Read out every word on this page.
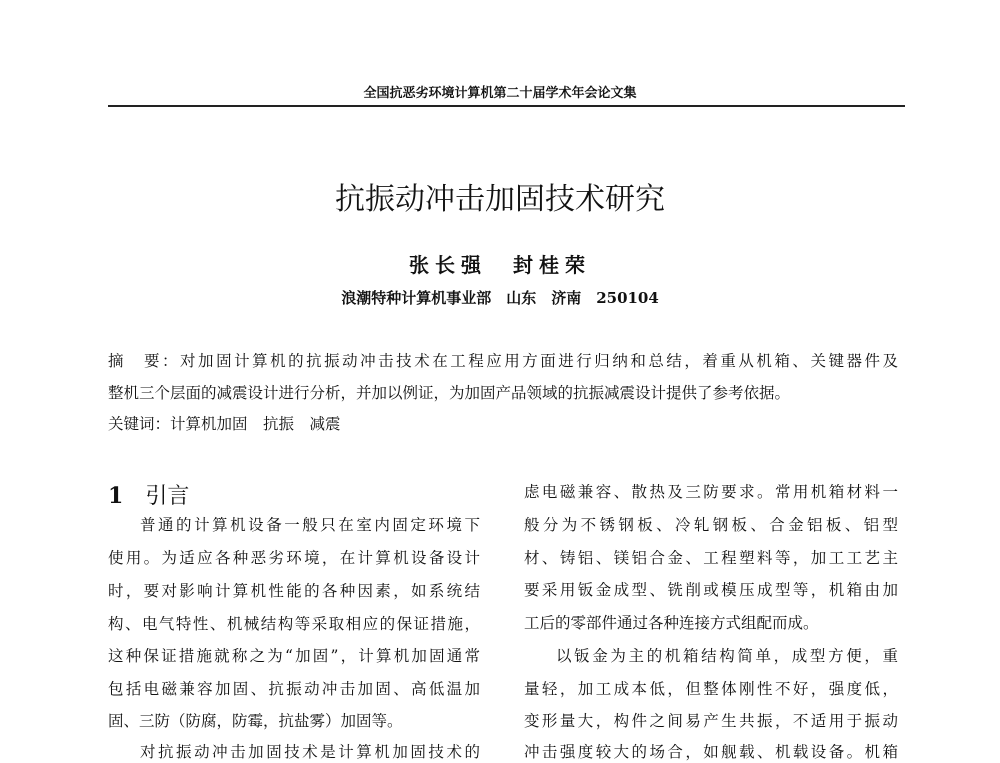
全国抗恶劣环境计算机第二十届学术年会论文集
抗振动冲击加固技术研究
张长强　封桂荣
浪潮特种计算机事业部　山东　济南　250104
摘　要：对加固计算机的抗振动冲击技术在工程应用方面进行归纳和总结，着重从机箱、关键器件及
整机三个层面的减震设计进行分析，并加以例证，为加固产品领域的抗振减震设计提供了参考依据。
关键词：计算机加固　抗振　减震
1 引言
普通的计算机设备一般只在室内固定环境下
使用。为适应各种恶劣环境，在计算机设备设计
时，要对影响计算机性能的各种因素，如系统结
构、电气特性、机械结构等采取相应的保证措施，
这种保证措施就称之为“加固”，计算机加固通常
包括电磁兼容加固、抗振动冲击加固、高低温加
固、三防（防腐，防霉，抗盐雾）加固等。
对抗振动冲击加固技术是计算机加固技术的
虑电磁兼容、散热及三防要求。常用机箱材料一
般分为不锈钢板、冷轧钢板、合金铝板、铝型
材、铸铝、镁铝合金、工程塑料等，加工工艺主
要采用钣金成型、铣削或模压成型等，机箱由加
工后的零部件通过各种连接方式组配而成。
以钣金为主的机箱结构简单，成型方便，重
量轻，加工成本低，但整体刚性不好，强度低，
变形量大，构件之间易产生共振，不适用于振动
冲击强度较大的场合，如舰载、机载设备。机箱
